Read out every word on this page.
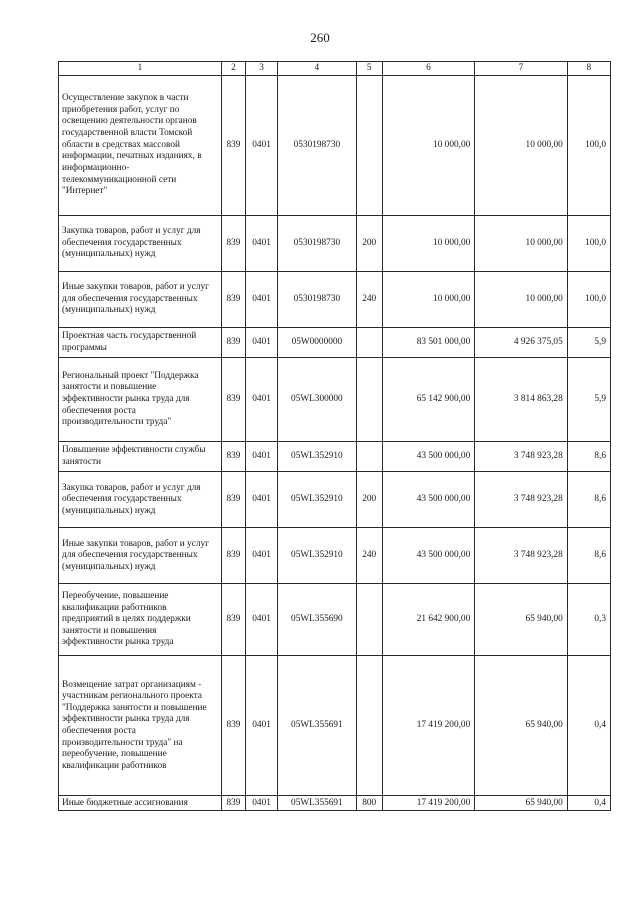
260
1	2	3	4	5	6	7	8
Осуществление закупок в части приобретения работ, услуг по освещению деятельности органов государственной власти Томской области в средствах массовой информации, печатных изданиях, в информационно-телекоммуникационной сети "Интернет"	839	0401	0530198730		10 000,00	10 000,00	100,0
Закупка товаров, работ и услуг для обеспечения государственных (муниципальных) нужд	839	0401	0530198730	200	10 000,00	10 000,00	100,0
Иные закупки товаров, работ и услуг для обеспечения государственных (муниципальных) нужд	839	0401	0530198730	240	10 000,00	10 000,00	100,0
Проектная часть государственной программы	839	0401	05W0000000		83 501 000,00	4 926 375,05	5,9
Региональный проект "Поддержка занятости и повышение эффективности рынка труда для обеспечения роста производительности труда"	839	0401	05WL300000		65 142 900,00	3 814 863,28	5,9
Повышение эффективности службы занятости	839	0401	05WL352910		43 500 000,00	3 748 923,28	8,6
Закупка товаров, работ и услуг для обеспечения государственных (муниципальных) нужд	839	0401	05WL352910	200	43 500 000,00	3 748 923,28	8,6
Иные закупки товаров, работ и услуг для обеспечения государственных (муниципальных) нужд	839	0401	05WL352910	240	43 500 000,00	3 748 923,28	8,6
Переобучение, повышение квалификации работников предприятий в целях поддержки занятости и повышения эффективности рынка труда	839	0401	05WL355690		21 642 900,00	65 940,00	0,3
Возмещение затрат организациям - участникам регионального проекта "Поддержка занятости и повышение эффективности рынка труда для обеспечения роста производительности труда" на переобучение, повышение квалификации работников	839	0401	05WL355691		17 419 200,00	65 940,00	0,4
Иные бюджетные ассигнования	839	0401	05WL355691	800	17 419 200,00	65 940,00	0,4
